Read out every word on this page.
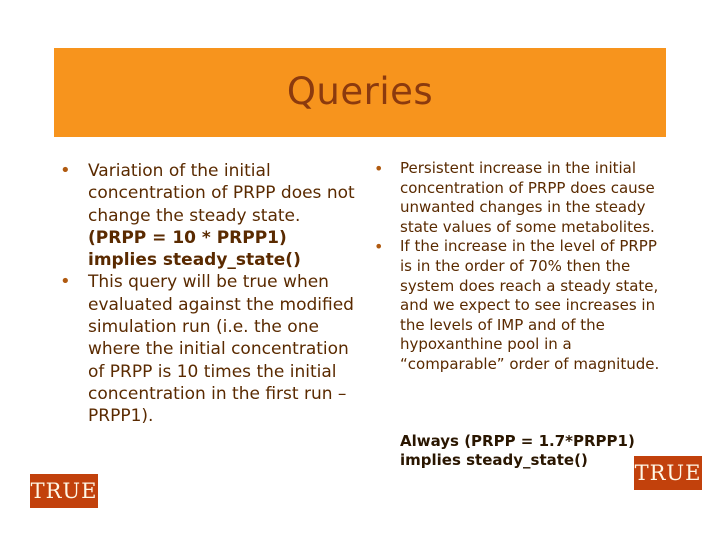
Queries
•	Variation of the initial concentration of PRPP does not change the steady state.
(PRPP = 10 * PRPP1) implies steady_state()
•	This query will be true when evaluated against the modified simulation run (i.e. the one where the initial concentration of PRPP is 10 times the initial concentration in the first run – PRPP1).
TRUE
•	Persistent increase in the initial concentration of PRPP does cause unwanted changes in the steady state values of some metabolites.
•	If the increase in the level of PRPP is in the order of 70% then the system does reach a steady state, and we expect to see increases in the levels of IMP and of the hypoxanthine pool in a “comparable” order of magnitude.
Always (PRPP = 1.7*PRPP1)
implies steady_state()
TRUE
